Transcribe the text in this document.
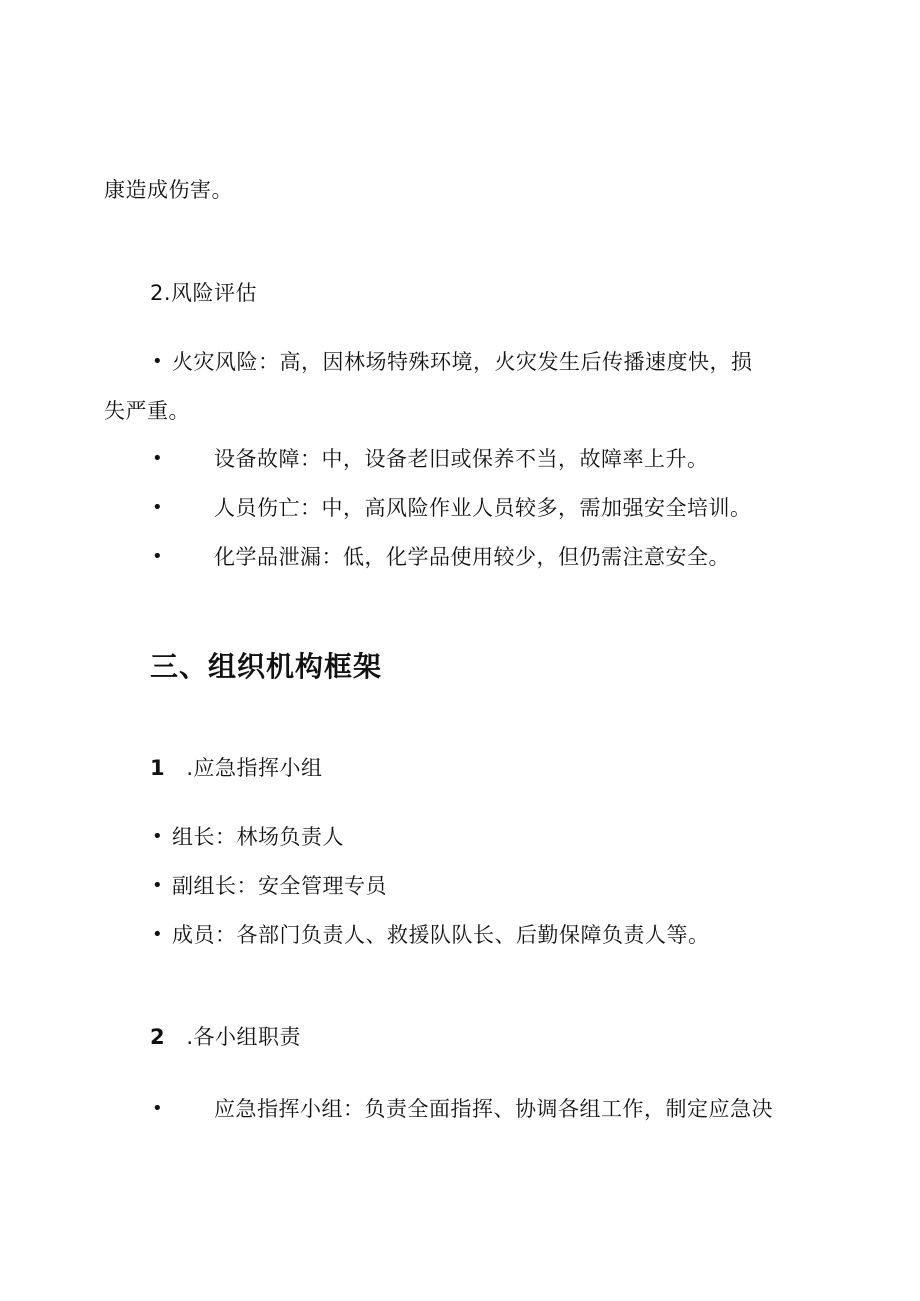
康造成伤害。
2.风险评估
• 火灾风险：高，因林场特殊环境，火灾发生后传播速度快，损
失严重。
• 设备故障：中，设备老旧或保养不当，故障率上升。
• 人员伤亡：中，高风险作业人员较多，需加强安全培训。
• 化学品泄漏：低，化学品使用较少，但仍需注意安全。
三、组织机构框架
1 .应急指挥小组
• 组长：林场负责人
• 副组长：安全管理专员
• 成员：各部门负责人、救援队队长、后勤保障负责人等。
2 .各小组职责
• 应急指挥小组：负责全面指挥、协调各组工作，制定应急决
